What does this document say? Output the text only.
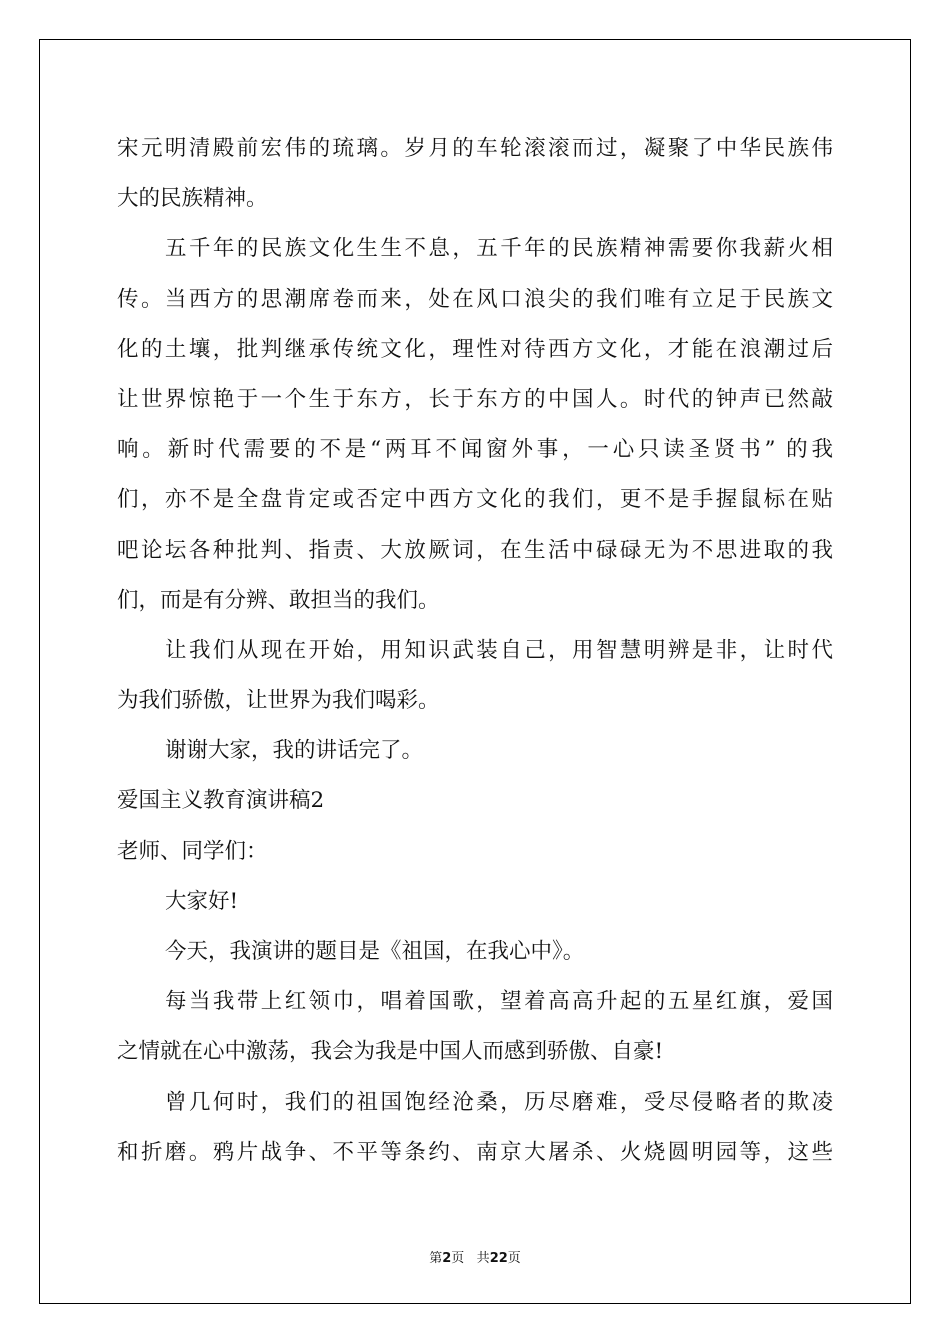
宋元明清殿前宏伟的琉璃。岁月的车轮滚滚而过，凝聚了中华民族伟
大的民族精神。
五千年的民族文化生生不息，五千年的民族精神需要你我薪火相
传。当西方的思潮席卷而来，处在风口浪尖的我们唯有立足于民族文
化的土壤，批判继承传统文化，理性对待西方文化，才能在浪潮过后
让世界惊艳于一个生于东方，长于东方的中国人。时代的钟声已然敲
响。新时代需要的不是“两耳不闻窗外事，一心只读圣贤书” 的我
们，亦不是全盘肯定或否定中西方文化的我们，更不是手握鼠标在贴
吧论坛各种批判、指责、大放厥词，在生活中碌碌无为不思进取的我
们，而是有分辨、敢担当的我们。
让我们从现在开始，用知识武装自己，用智慧明辨是非，让时代
为我们骄傲，让世界为我们喝彩。
谢谢大家，我的讲话完了。
爱国主义教育演讲稿2
老师、同学们：
大家好!
今天，我演讲的题目是《祖国，在我心中》。
每当我带上红领巾，唱着国歌，望着高高升起的五星红旗，爱国
之情就在心中激荡，我会为我是中国人而感到骄傲、自豪!
曾几何时，我们的祖国饱经沧桑，历尽磨难，受尽侵略者的欺凌
和折磨。鸦片战争、不平等条约、南京大屠杀、火烧圆明园等，这些
第2页 共22页
